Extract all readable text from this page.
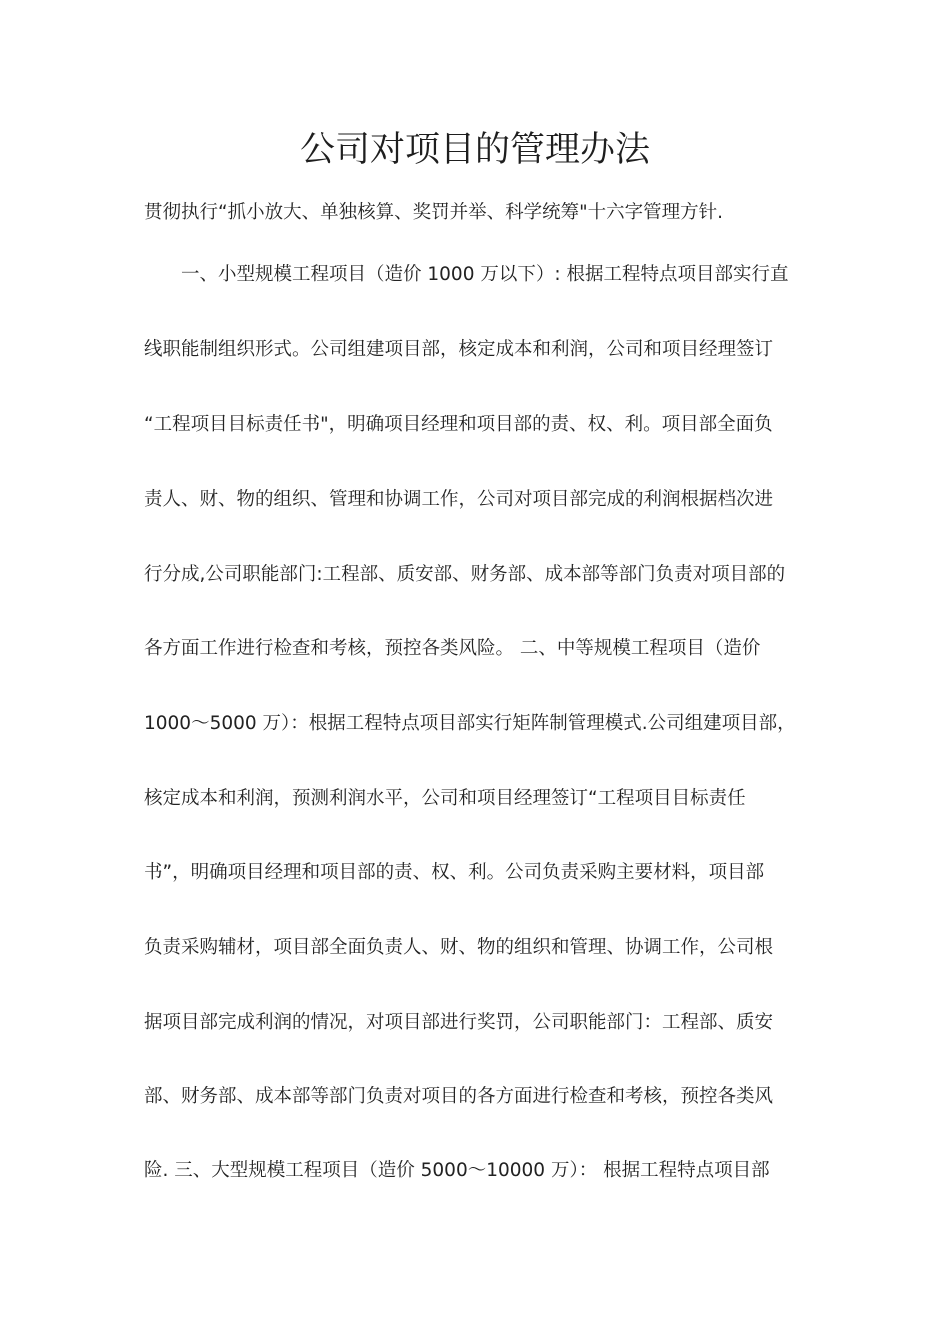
公司对项目的管理办法

贯彻执行“抓小放大、单独核算、奖罚并举、科学统筹"十六字管理方针.

一、小型规模工程项目（造价 1000 万以下）: 根据工程特点项目部实行直

线职能制组织形式。公司组建项目部，核定成本和利润，公司和项目经理签订

“工程项目目标责任书"，明确项目经理和项目部的责、权、利。项目部全面负

责人、财、物的组织、管理和协调工作，公司对项目部完成的利润根据档次进

行分成,公司职能部门:工程部、质安部、财务部、成本部等部门负责对项目部的

各方面工作进行检查和考核，预控各类风险。 二、中等规模工程项目（造价

1000～5000 万）：根据工程特点项目部实行矩阵制管理模式.公司组建项目部，

核定成本和利润，预测利润水平，公司和项目经理签订“工程项目目标责任

书”，明确项目经理和项目部的责、权、利。公司负责采购主要材料，项目部

负责采购辅材，项目部全面负责人、财、物的组织和管理、协调工作，公司根

据项目部完成利润的情况，对项目部进行奖罚，公司职能部门：工程部、质安

部、财务部、成本部等部门负责对项目的各方面进行检查和考核，预控各类风

险. 三、大型规模工程项目（造价 5000～10000 万）： 根据工程特点项目部
